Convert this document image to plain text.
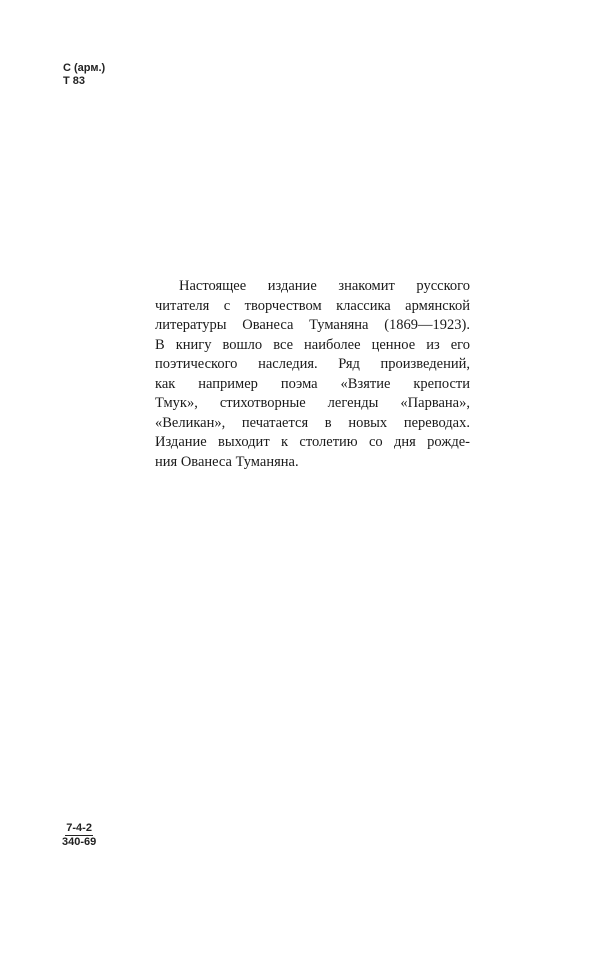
С (арм.)
Т 83
Настоящее издание знакомит русского
читателя с творчеством классика армянской
литературы Ованеса Туманяна (1869—1923).
В книгу вошло все наиболее ценное из его
поэтического наследия. Ряд произведений,
как например поэма «Взятие крепости
Тмук», стихотворные легенды «Парвана»,
«Великан», печатается в новых переводах.
Издание выходит к столетию со дня рожде-
ния Ованеса Туманяна.
$\frac{7-4-2}{340-69}$
